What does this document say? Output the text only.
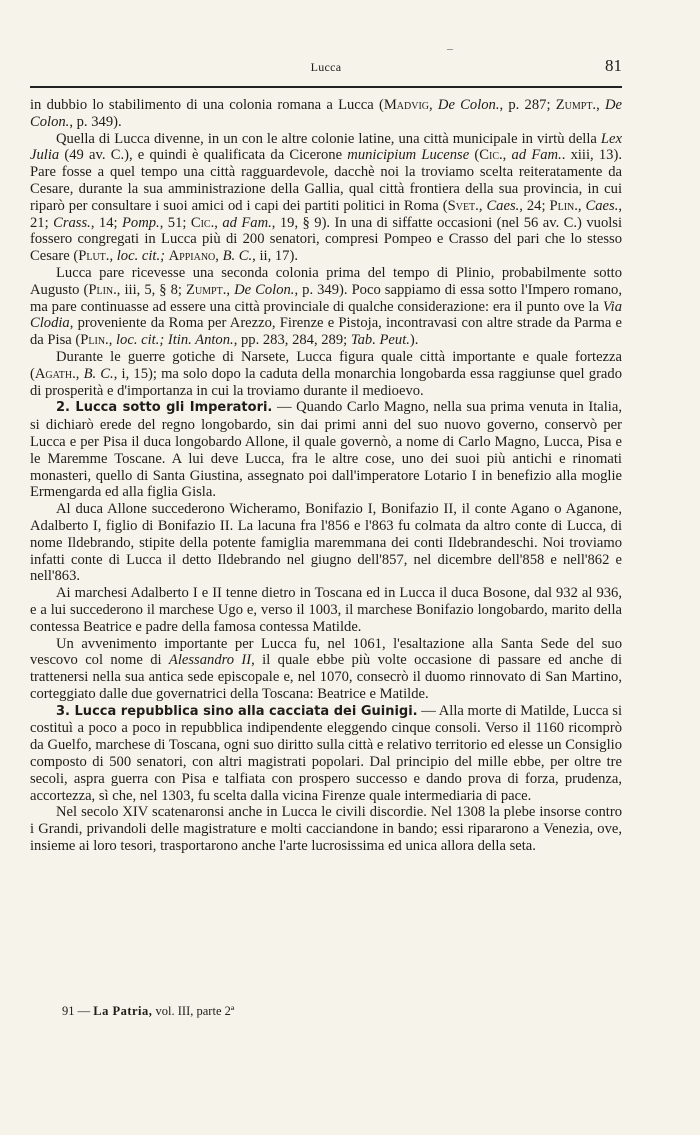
Lucca	81

in dubbio lo stabilimento di una colonia romana a Lucca (Madvig, De Colon., p. 287; Zumpt., De Colon., p. 349).

Quella di Lucca divenne, in un con le altre colonie latine, una città municipale in virtù della Lex Julia (49 av. C.), e quindi è qualificata da Cicerone municipium Lucense (Cic., ad Fam.. xiii, 13). Pare fosse a quel tempo una città ragguardevole, dacchè noi la troviamo scelta reiteratamente da Cesare, durante la sua amministrazione della Gallia, qual città frontiera della sua provincia, in cui riparò per consultare i suoi amici od i capi dei partiti politici in Roma (Svet., Caes., 24; Plin., Caes., 21; Crass., 14; Pomp., 51; Cic., ad Fam., 19, § 9). In una di siffatte occasioni (nel 56 av. C.) vuolsi fossero congregati in Lucca più di 200 senatori, compresi Pompeo e Crasso del pari che lo stesso Cesare (Plut., loc. cit.; Appiano, B. C., ii, 17).

Lucca pare ricevesse una seconda colonia prima del tempo di Plinio, probabilmente sotto Augusto (Plin., iii, 5, § 8; Zumpt., De Colon., p. 349). Poco sappiamo di essa sotto l'Impero romano, ma pare continuasse ad essere una città provinciale di qualche considerazione: era il punto ove la Via Clodia, proveniente da Roma per Arezzo, Firenze e Pistoja, incontravasi con altre strade da Parma e da Pisa (Plin., loc. cit.; Itin. Anton., pp. 283, 284, 289; Tab. Peut.).

Durante le guerre gotiche di Narsete, Lucca figura quale città importante e quale fortezza (Agath., B. C., i, 15); ma solo dopo la caduta della monarchia longobarda essa raggiunse quel grado di prosperità e d'importanza in cui la troviamo durante il medioevo.

2. Lucca sotto gli Imperatori. — Quando Carlo Magno, nella sua prima venuta in Italia, si dichiarò erede del regno longobardo, sin dai primi anni del suo nuovo governo, conservò per Lucca e per Pisa il duca longobardo Allone, il quale governò, a nome di Carlo Magno, Lucca, Pisa e le Maremme Toscane. A lui deve Lucca, fra le altre cose, uno dei suoi più antichi e rinomati monasteri, quello di Santa Giustina, assegnato poi dall'imperatore Lotario I in benefizio alla moglie Ermengarda ed alla figlia Gisla.

Al duca Allone succederono Wicheramo, Bonifazio I, Bonifazio II, il conte Agano o Aganone, Adalberto I, figlio di Bonifazio II. La lacuna fra l'856 e l'863 fu colmata da altro conte di Lucca, di nome Ildebrando, stipite della potente famiglia maremmana dei conti Ildebrandeschi. Noi troviamo infatti conte di Lucca il detto Ildebrando nel giugno dell'857, nel dicembre dell'858 e nell'862 e nell'863.

Ai marchesi Adalberto I e II tenne dietro in Toscana ed in Lucca il duca Bosone, dal 932 al 936, e a lui succederono il marchese Ugo e, verso il 1003, il marchese Bonifazio longobardo, marito della contessa Beatrice e padre della famosa contessa Matilde.

Un avvenimento importante per Lucca fu, nel 1061, l'esaltazione alla Santa Sede del suo vescovo col nome di Alessandro II, il quale ebbe più volte occasione di passare ed anche di trattenersi nella sua antica sede episcopale e, nel 1070, consecrò il duomo rinnovato di San Martino, corteggiato dalle due governatrici della Toscana: Beatrice e Matilde.

3. Lucca repubblica sino alla cacciata dei Guinigi. — Alla morte di Matilde, Lucca si costituì a poco a poco in repubblica indipendente eleggendo cinque consoli. Verso il 1160 ricomprò da Guelfo, marchese di Toscana, ogni suo diritto sulla città e relativo territorio ed elesse un Consiglio composto di 500 senatori, con altri magistrati popolari. Dal principio del mille ebbe, per oltre tre secoli, aspra guerra con Pisa e talfiata con prospero successo e dando prova di forza, prudenza, accortezza, sì che, nel 1303, fu scelta dalla vicina Firenze quale intermediaria di pace.

Nel secolo XIV scatenaronsi anche in Lucca le civili discordie. Nel 1308 la plebe insorse contro i Grandi, privandoli delle magistrature e molti cacciandone in bando; essi ripararono a Venezia, ove, insieme ai loro tesori, trasportarono anche l'arte lucrosissima ed unica allora della seta.

91 — La Patria, vol. III, parte 2ª
